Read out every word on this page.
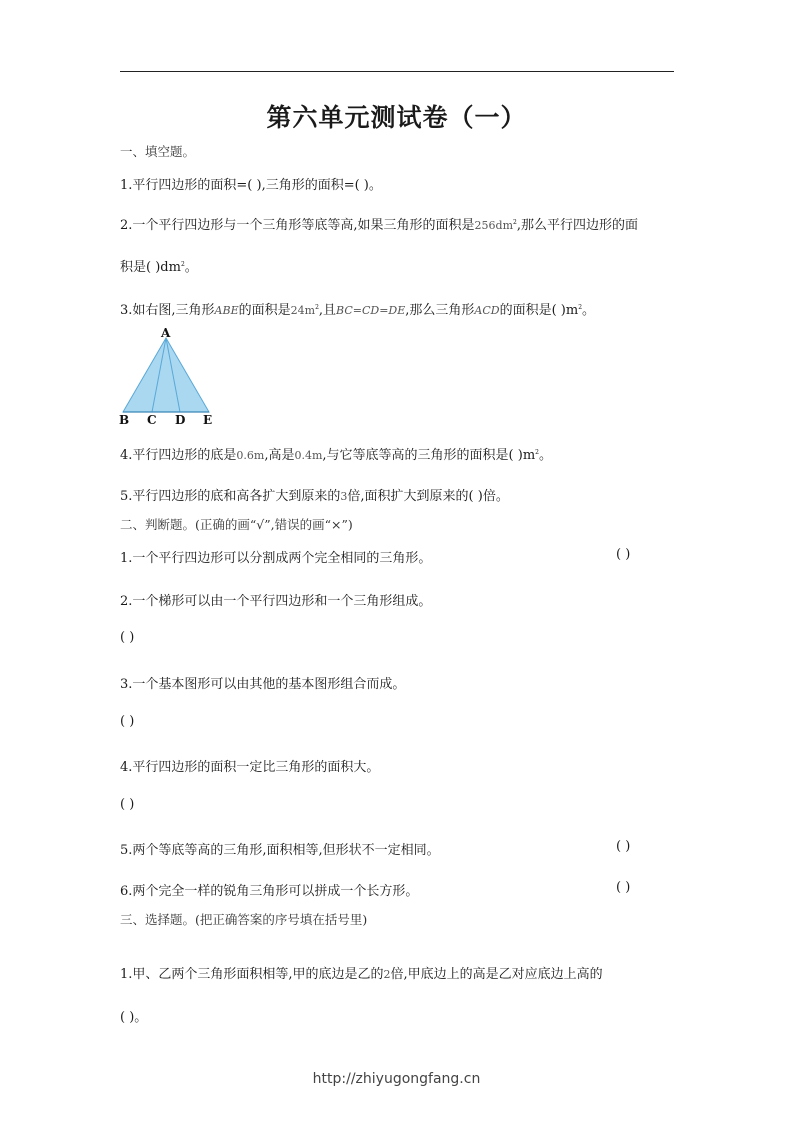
第六单元测试卷（一）
一、填空题。
1.平行四边形的面积=( ),三角形的面积=( )。
2.一个平行四边形与一个三角形等底等高,如果三角形的面积是$256dm^2$,那么平行四边形的面
积是( )$dm^2$。
3.如右图,三角形ABE的面积是$24m^2$,且BC=CD=DE,那么三角形ACD的面积是( )$m^2$。
A
B C D E
4.平行四边形的底是0.6m,高是0.4m,与它等底等高的三角形的面积是( )$m^2$。
5.平行四边形的底和高各扩大到原来的3倍,面积扩大到原来的( )倍。
二、判断题。(正确的画“√”,错误的画“×”)
1.一个平行四边形可以分割成两个完全相同的三角形。	( )
2.一个梯形可以由一个平行四边形和一个三角形组成。
( )
3.一个基本图形可以由其他的基本图形组合而成。
( )
4.平行四边形的面积一定比三角形的面积大。
( )
5.两个等底等高的三角形,面积相等,但形状不一定相同。	( )
6.两个完全一样的锐角三角形可以拼成一个长方形。	( )
三、选择题。(把正确答案的序号填在括号里)
1.甲、乙两个三角形面积相等,甲的底边是乙的2倍,甲底边上的高是乙对应底边上高的
( )。
http://zhiyugongfang.cn
